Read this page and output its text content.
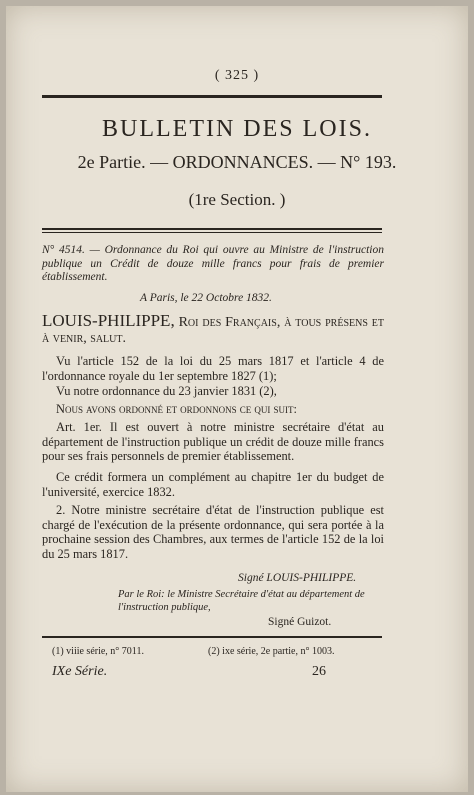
( 325 )
BULLETIN DES LOIS.
2e Partie. — ORDONNANCES. — N° 193.
(1re Section. )
N° 4514. — Ordonnance du Roi qui ouvre au Ministre de l'instruction publique un Crédit de douze mille francs pour frais de premier établissement.
A Paris, le 22 Octobre 1832.
LOUIS-PHILIPPE, Roi des Français, à tous présens et à venir, salut.
Vu l'article 152 de la loi du 25 mars 1817 et l'article 4 de l'ordonnance royale du 1er septembre 1827 (1);
Vu notre ordonnance du 23 janvier 1831 (2),
Nous avons ordonné et ordonnons ce qui suit:
Art. 1er. Il est ouvert à notre ministre secrétaire d'état au département de l'instruction publique un crédit de douze mille francs pour ses frais personnels de premier établissement.
Ce crédit formera un complément au chapitre 1er du budget de l'université, exercice 1832.
2. Notre ministre secrétaire d'état de l'instruction publique est chargé de l'exécution de la présente ordonnance, qui sera portée à la prochaine session des Chambres, aux termes de l'article 152 de la loi du 25 mars 1817.
Signé LOUIS-PHILIPPE.
Par le Roi: le Ministre Secrétaire d'état au département de l'instruction publique,
Signé Guizot.
(1) viiie série, n° 7011.	(2) ixe série, 2e partie, n° 1003.
IXe Série.	26
